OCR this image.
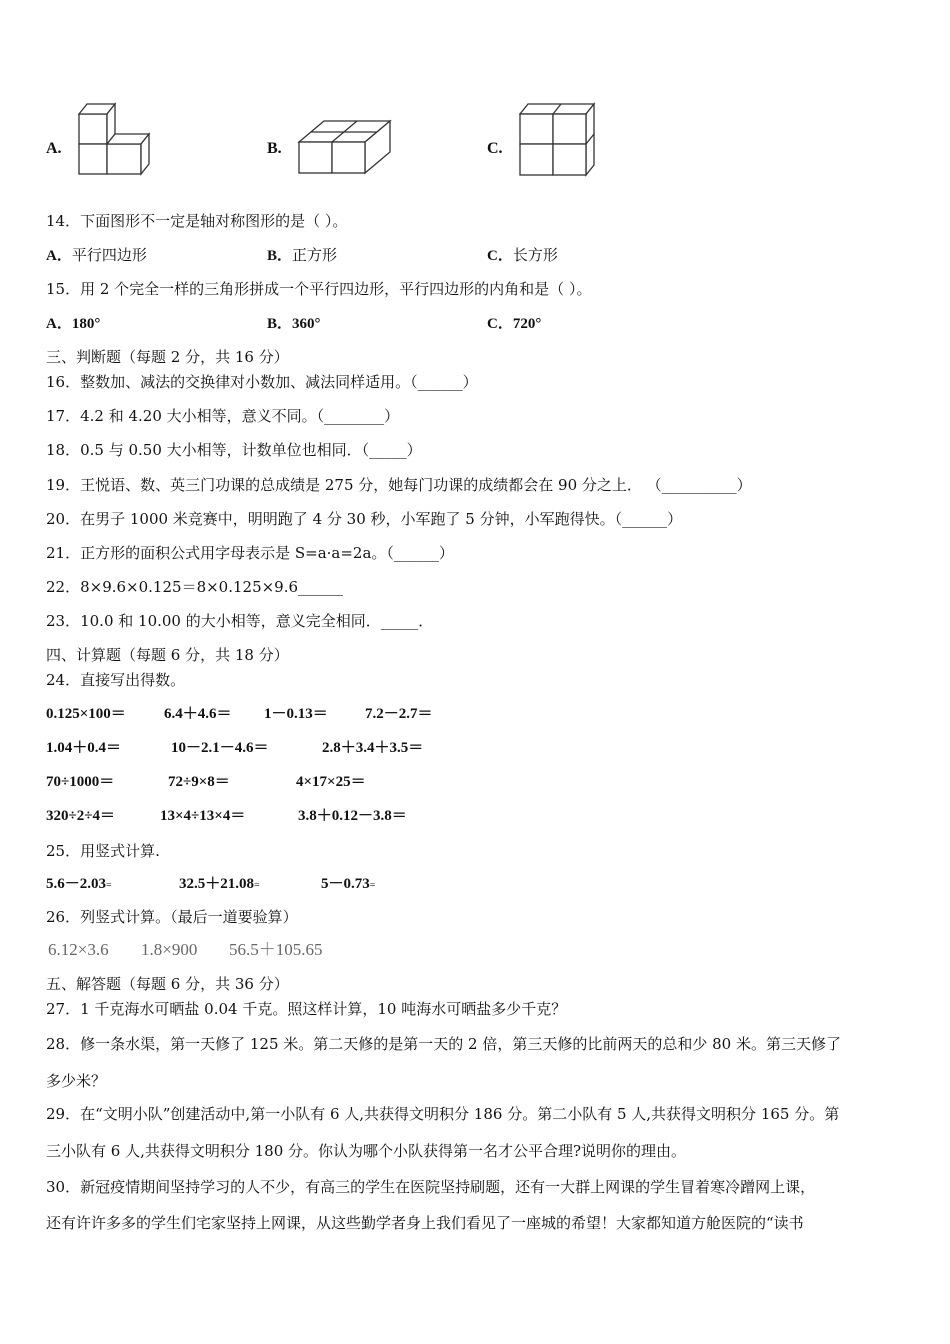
A.	B.	C.
14．下面图形不一定是轴对称图形的是（ ）。
A．平行四边形	B．正方形	C．长方形
15．用 2 个完全一样的三角形拼成一个平行四边形，平行四边形的内角和是（ ）。
A．180°	B．360°	C．720°
三、判断题（每题 2 分，共 16 分）
16．整数加、减法的交换律对小数加、减法同样适用。（______）
17．4.2 和 4.20 大小相等，意义不同。（________）
18．0.5 与 0.50 大小相等，计数单位也相同．（_____）
19．王悦语、数、英三门功课的总成绩是 275 分，她每门功课的成绩都会在 90 分之上． （__________）
20．在男子 1000 米竞赛中，明明跑了 4 分 30 秒，小军跑了 5 分钟，小军跑得快。（______）
21．正方形的面积公式用字母表示是 S=a·a=2a。（______）
22．8×9.6×0.125＝8×0.125×9.6______
23．10.0 和 10.00 的大小相等，意义完全相同．_____．
四、计算题（每题 6 分，共 18 分）
24．直接写出得数。
0.125×100＝	6.4＋4.6＝ 1－0.13＝ 7.2－2.7＝
1.04＋0.4＝	10－2.1－4.6＝	2.8＋3.4＋3.5＝
70÷1000＝	72÷9×8＝	4×17×25＝
320÷2÷4＝	13×4÷13×4＝	3.8＋0.12－3.8＝
25．用竖式计算.
5.6－2.03=	32.5＋21.08=	5－0.73=
26．列竖式计算。（最后一道要验算）
6.12×3.6 1.8×900 56.5＋105.65
五、解答题（每题 6 分，共 36 分）
27．1 千克海水可晒盐 0.04 千克。照这样计算，10 吨海水可晒盐多少千克？
28．修一条水渠，第一天修了 125 米。第二天修的是第一天的 2 倍，第三天修的比前两天的总和少 80 米。第三天修了
多少米？
29．在“文明小队”创建活动中,第一小队有 6 人,共获得文明积分 186 分。第二小队有 5 人,共获得文明积分 165 分。第
三小队有 6 人,共获得文明积分 180 分。你认为哪个小队获得第一名才公平合理?说明你的理由。
30．新冠疫情期间坚持学习的人不少，有高三的学生在医院坚持刷题，还有一大群上网课的学生冒着寒冷蹭网上课，
还有许许多多的学生们宅家坚持上网课，从这些勤学者身上我们看见了一座城的希望！大家都知道方舱医院的“读书
